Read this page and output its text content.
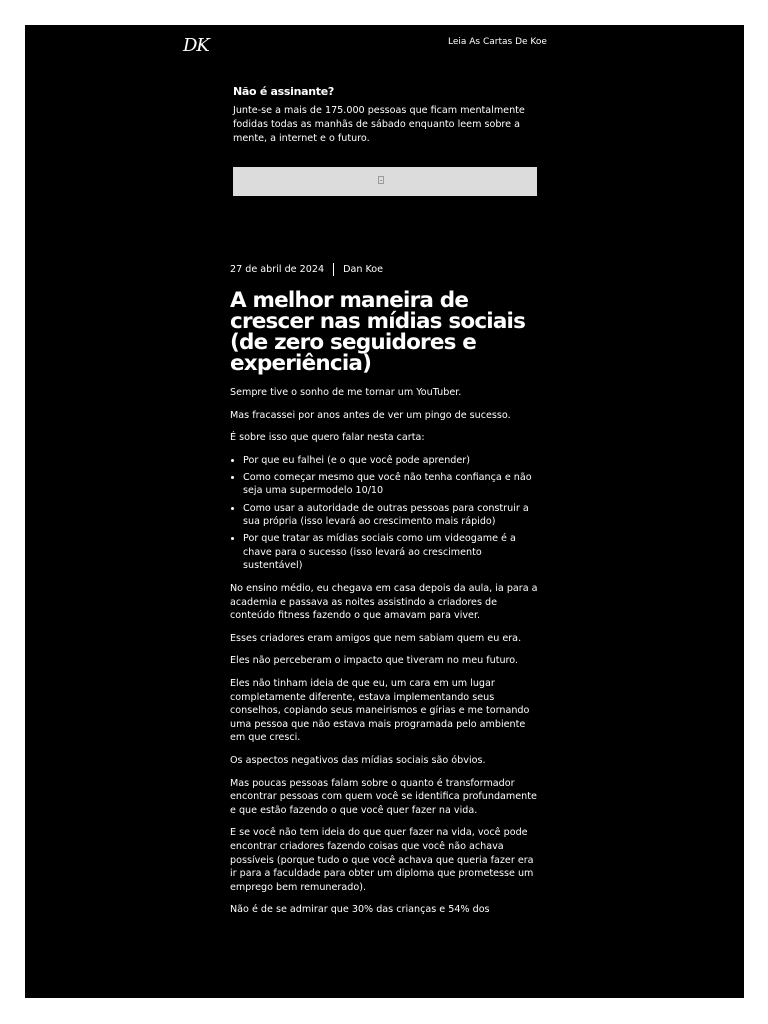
DK	Leia As Cartas De Koe

Não é assinante?

Junte-se a mais de 175.000 pessoas que ficam mentalmente fodidas todas as manhãs de sábado enquanto leem sobre a mente, a internet e o futuro.

27 de abril de 2024 Dan Koe
A melhor maneira de crescer nas mídias sociais (de zero seguidores e experiência)

Sempre tive o sonho de me tornar um YouTuber.

Mas fracassei por anos antes de ver um pingo de sucesso.

É sobre isso que quero falar nesta carta:

• Por que eu falhei (e o que você pode aprender)
• Como começar mesmo que você não tenha confiança e não seja uma supermodelo 10/10
• Como usar a autoridade de outras pessoas para construir a sua própria (isso levará ao crescimento mais rápido)
• Por que tratar as mídias sociais como um videogame é a chave para o sucesso (isso levará ao crescimento sustentável)

No ensino médio, eu chegava em casa depois da aula, ia para a academia e passava as noites assistindo a criadores de conteúdo fitness fazendo o que amavam para viver.

Esses criadores eram amigos que nem sabiam quem eu era.

Eles não perceberam o impacto que tiveram no meu futuro.

Eles não tinham ideia de que eu, um cara em um lugar completamente diferente, estava implementando seus conselhos, copiando seus maneirismos e gírias e me tornando uma pessoa que não estava mais programada pelo ambiente em que cresci.

Os aspectos negativos das mídias sociais são óbvios.

Mas poucas pessoas falam sobre o quanto é transformador encontrar pessoas com quem você se identifica profundamente e que estão fazendo o que você quer fazer na vida.

E se você não tem ideia do que quer fazer na vida, você pode encontrar criadores fazendo coisas que você não achava possíveis (porque tudo o que você achava que queria fazer era ir para a faculdade para obter um diploma que prometesse um emprego bem remunerado).

Não é de se admirar que 30% das crianças e 54% dos
